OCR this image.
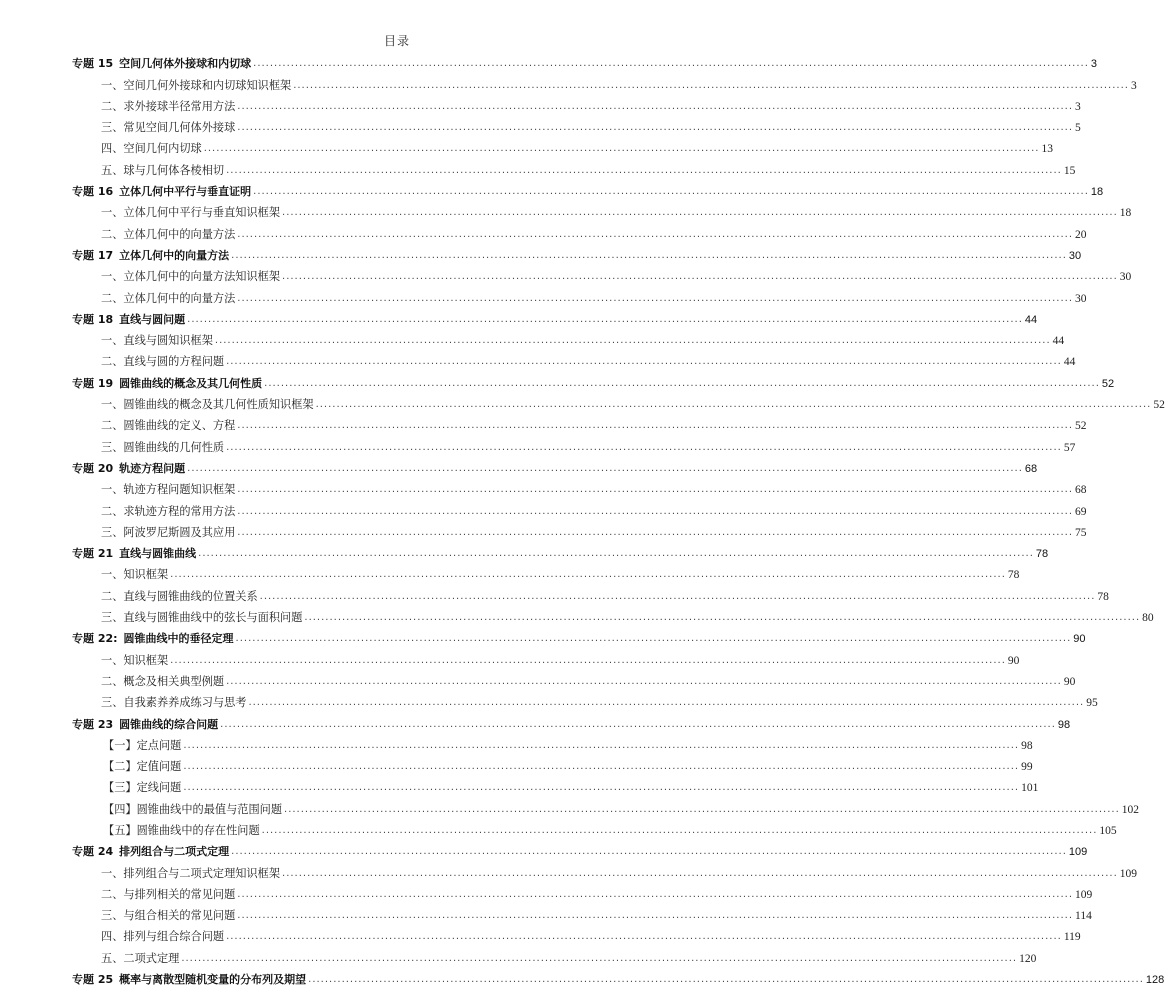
目录
专题 15 空间几何体外接球和内切球 ........................................................................................................................................................................................................ 3
一、空间几何外接球和内切球知识框架 ........................................................................................................................................................................................................ 3
二、求外接球半径常用方法 ........................................................................................................................................................................................................ 3
三、常见空间几何体外接球 ........................................................................................................................................................................................................ 5
四、空间几何内切球 ........................................................................................................................................................................................................ 13
五、球与几何体各棱相切 ........................................................................................................................................................................................................ 15
专题 16 立体几何中平行与垂直证明 ........................................................................................................................................................................................................ 18
一、立体几何中平行与垂直知识框架 ........................................................................................................................................................................................................ 18
二、立体几何中的向量方法 ........................................................................................................................................................................................................ 20
专题 17 立体几何中的向量方法 ........................................................................................................................................................................................................ 30
一、立体几何中的向量方法知识框架 ........................................................................................................................................................................................................ 30
二、立体几何中的向量方法 ........................................................................................................................................................................................................ 30
专题 18 直线与圆问题 ........................................................................................................................................................................................................ 44
一、直线与圆知识框架 ........................................................................................................................................................................................................ 44
二、直线与圆的方程问题 ........................................................................................................................................................................................................ 44
专题 19 圆锥曲线的概念及其几何性质 ........................................................................................................................................................................................................ 52
一、圆锥曲线的概念及其几何性质知识框架 ........................................................................................................................................................................................................ 52
二、圆锥曲线的定义、方程 ........................................................................................................................................................................................................ 52
三、圆锥曲线的几何性质 ........................................................................................................................................................................................................ 57
专题 20 轨迹方程问题 ........................................................................................................................................................................................................ 68
一、轨迹方程问题知识框架 ........................................................................................................................................................................................................ 68
二、求轨迹方程的常用方法 ........................................................................................................................................................................................................ 69
三、阿波罗尼斯圆及其应用 ........................................................................................................................................................................................................ 75
专题 21 直线与圆锥曲线 ........................................................................................................................................................................................................ 78
一、知识框架 ........................................................................................................................................................................................................ 78
二、直线与圆锥曲线的位置关系 ........................................................................................................................................................................................................ 78
三、直线与圆锥曲线中的弦长与面积问题 ........................................................................................................................................................................................................ 80
专题 22: 圆锥曲线中的垂径定理 ........................................................................................................................................................................................................ 90
一、知识框架 ........................................................................................................................................................................................................ 90
二、概念及相关典型例题 ........................................................................................................................................................................................................ 90
三、自我素养养成练习与思考 ........................................................................................................................................................................................................ 95
专题 23 圆锥曲线的综合问题 ........................................................................................................................................................................................................ 98
【一】定点问题 ........................................................................................................................................................................................................ 98
【二】定值问题 ........................................................................................................................................................................................................ 99
【三】定线问题 ........................................................................................................................................................................................................ 101
【四】圆锥曲线中的最值与范围问题 ........................................................................................................................................................................................................ 102
【五】圆锥曲线中的存在性问题 ........................................................................................................................................................................................................ 105
专题 24 排列组合与二项式定理 ........................................................................................................................................................................................................ 109
一、排列组合与二项式定理知识框架 ........................................................................................................................................................................................................ 109
二、与排列相关的常见问题 ........................................................................................................................................................................................................ 109
三、与组合相关的常见问题 ........................................................................................................................................................................................................ 114
四、排列与组合综合问题 ........................................................................................................................................................................................................ 119
五、二项式定理 ........................................................................................................................................................................................................ 120
专题 25 概率与离散型随机变量的分布列及期望 ........................................................................................................................................................................................................ 128
